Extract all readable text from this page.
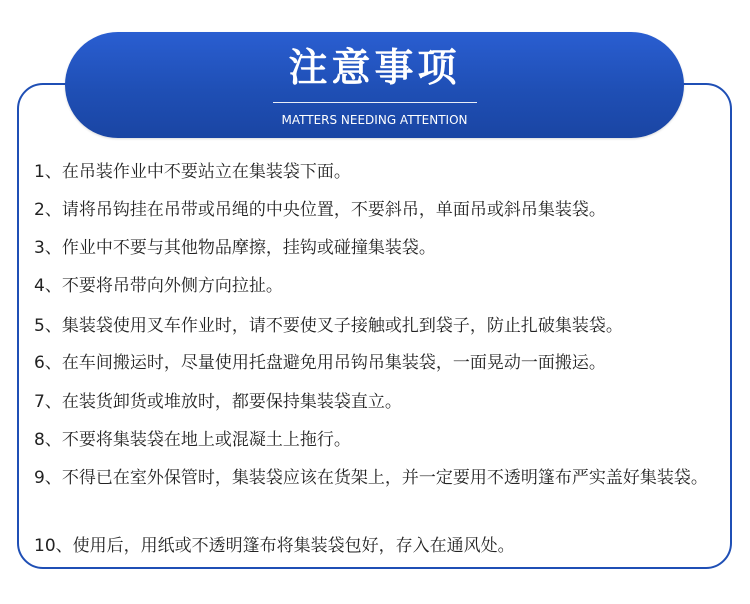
注意事项
MATTERS NEEDING ATTENTION
1、在吊装作业中不要站立在集装袋下面。
2、请将吊钩挂在吊带或吊绳的中央位置，不要斜吊，单面吊或斜吊集装袋。
3、作业中不要与其他物品摩擦，挂钩或碰撞集装袋。
4、不要将吊带向外侧方向拉扯。
5、集装袋使用叉车作业时，请不要使叉子接触或扎到袋子，防止扎破集装袋。
6、在车间搬运时，尽量使用托盘避免用吊钩吊集装袋，一面晃动一面搬运。
7、在装货卸货或堆放时，都要保持集装袋直立。
8、不要将集装袋在地上或混凝土上拖行。
9、不得已在室外保管时，集装袋应该在货架上，并一定要用不透明篷布严实盖好集装袋。
10、使用后，用纸或不透明篷布将集装袋包好，存入在通风处。
